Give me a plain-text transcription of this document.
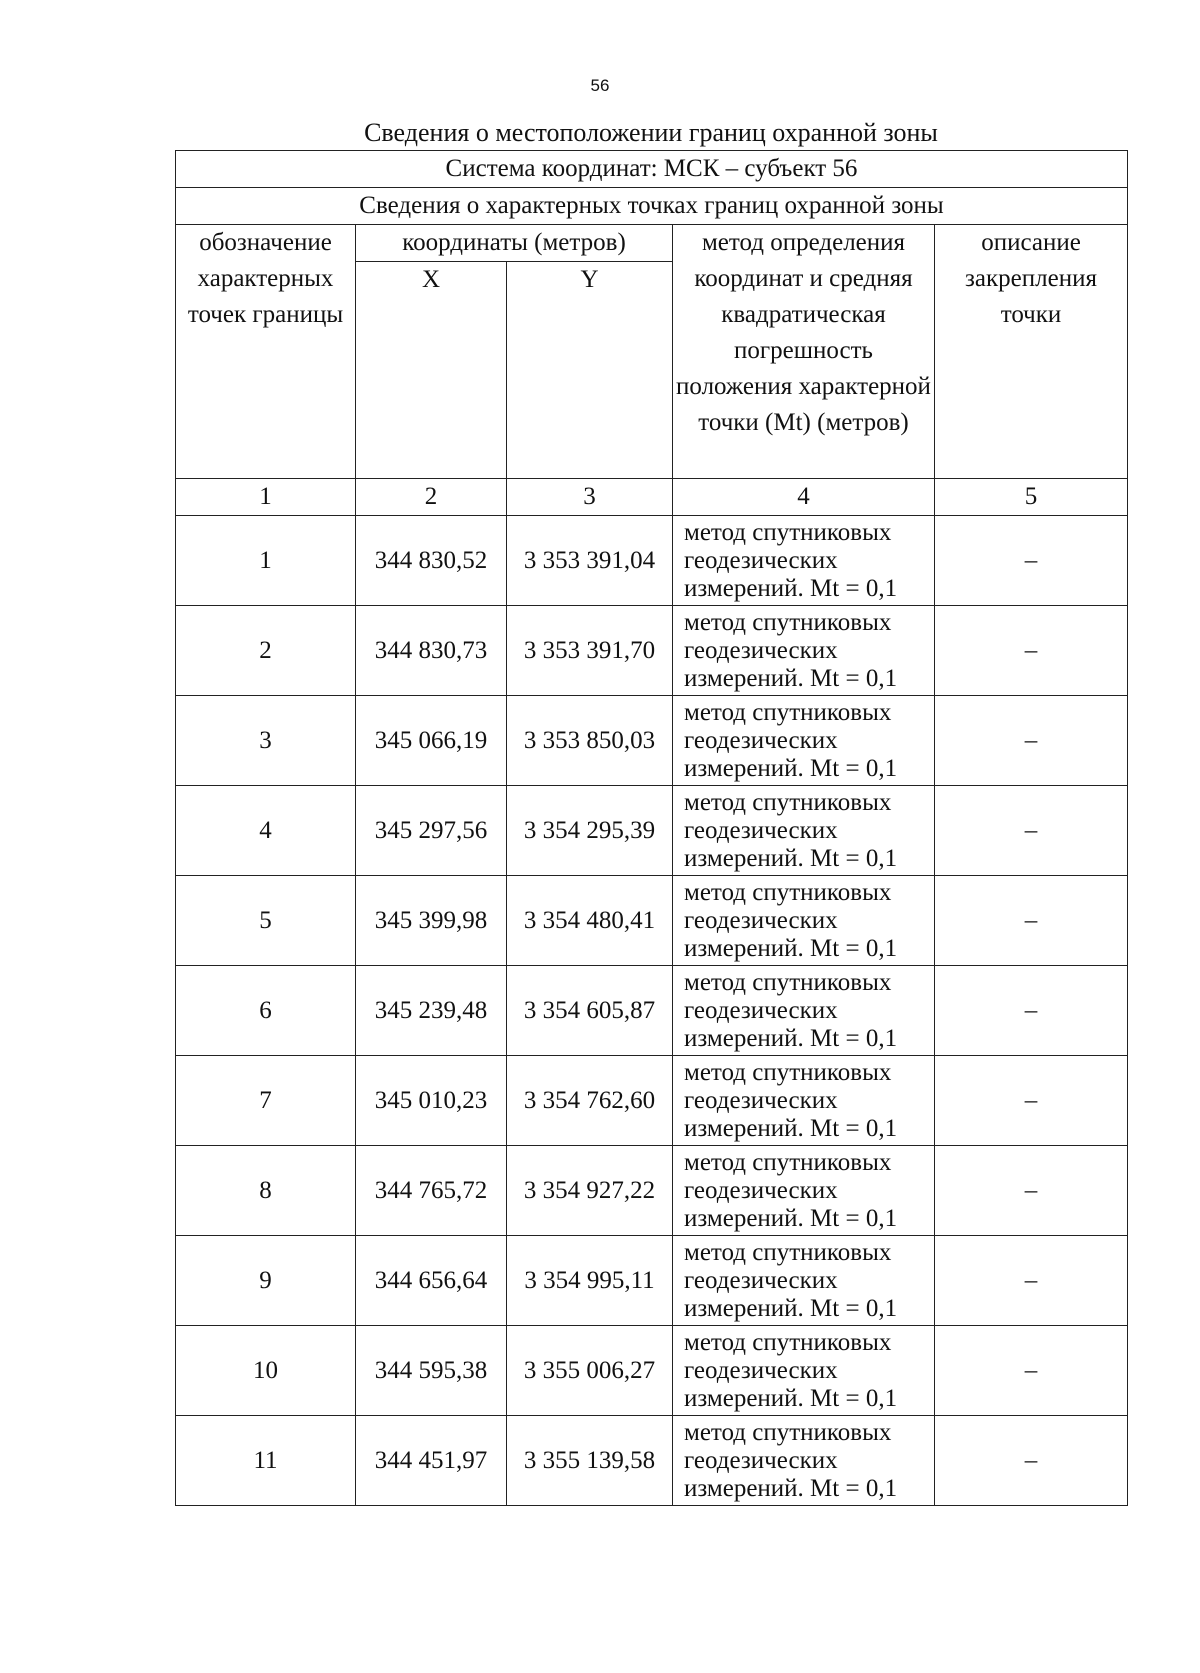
56
Сведения о местоположении границ охранной зоны
Система координат: МСК – субъект 56				
Сведения о характерных точках границ охранной зоны				
обозначение характерных точек границы	координаты (метров)		метод определения координат и средняя квадратическая погрешность положения характерной точки (Mt) (метров)	описание закрепления точки
	X	Y		
1	2	3	4	5
1	344 830,52	3 353 391,04	метод спутниковых
геодезических
измерений. Mt = 0,1	–
2	344 830,73	3 353 391,70	метод спутниковых
геодезических
измерений. Mt = 0,1	–
3	345 066,19	3 353 850,03	метод спутниковых
геодезических
измерений. Mt = 0,1	–
4	345 297,56	3 354 295,39	метод спутниковых
геодезических
измерений. Mt = 0,1	–
5	345 399,98	3 354 480,41	метод спутниковых
геодезических
измерений. Mt = 0,1	–
6	345 239,48	3 354 605,87	метод спутниковых
геодезических
измерений. Mt = 0,1	–
7	345 010,23	3 354 762,60	метод спутниковых
геодезических
измерений. Mt = 0,1	–
8	344 765,72	3 354 927,22	метод спутниковых
геодезических
измерений. Mt = 0,1	–
9	344 656,64	3 354 995,11	метод спутниковых
геодезических
измерений. Mt = 0,1	–
10	344 595,38	3 355 006,27	метод спутниковых
геодезических
измерений. Mt = 0,1	–
11	344 451,97	3 355 139,58	метод спутниковых
геодезических
измерений. Mt = 0,1	–
